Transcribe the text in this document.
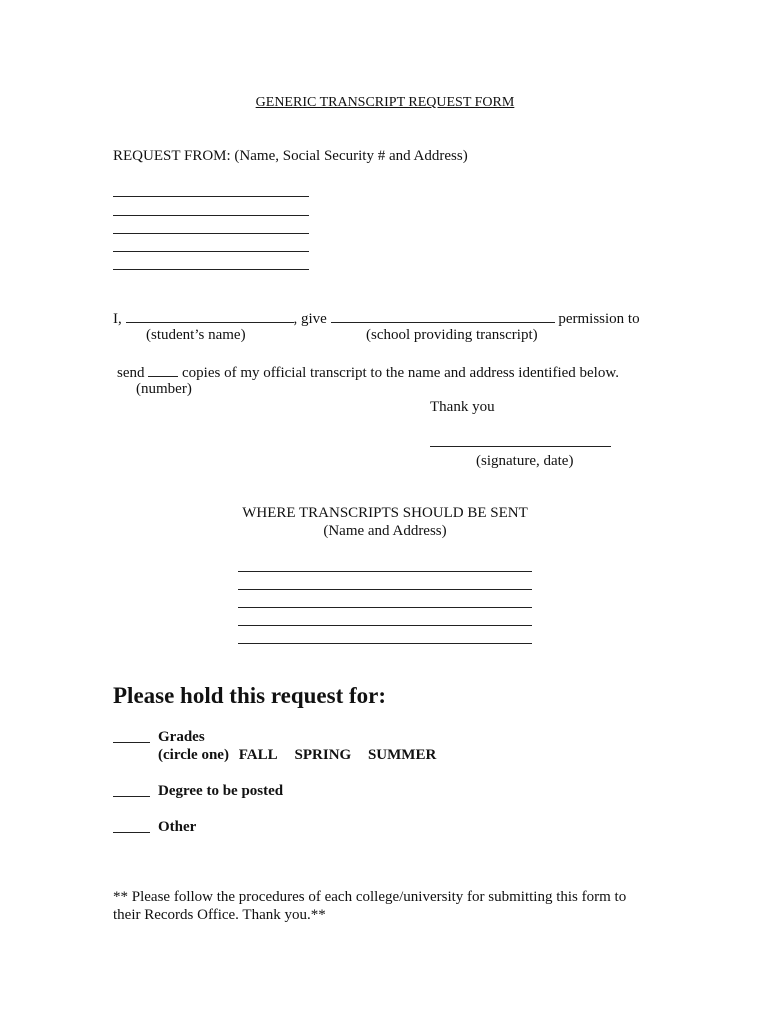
GENERIC TRANSCRIPT REQUEST FORM
REQUEST FROM: (Name, Social Security # and Address)
I,	, give	permission to
(student’s name)	(school providing transcript)
send	copies of my official transcript to the name and address identified below.
(number)
Thank you
(signature, date)
WHERE TRANSCRIPTS SHOULD BE SENT
(Name and Address)
Please hold this request for:
Grades
(circle one) FALL SPRING SUMMER
Degree to be posted
Other
** Please follow the procedures of each college/university for submitting this form to
their Records Office. Thank you.**
